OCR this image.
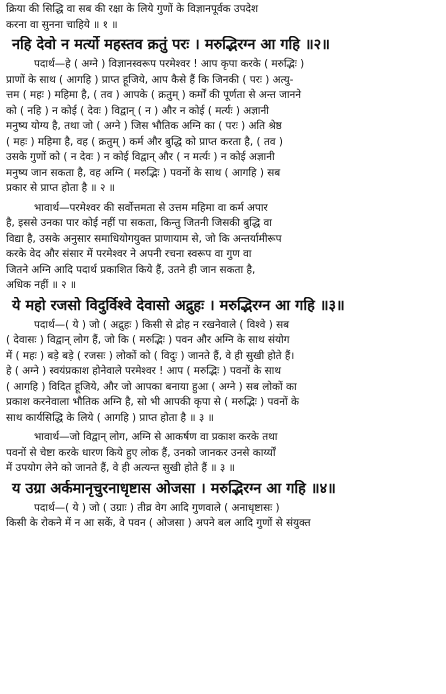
क्रिया की सिद्धि वा सब की रक्षा के लिये गुणों के विज्ञानपूर्वक उपदेश

करना वा सुनना चाहिये ॥ १ ॥

नहि देवो न मर्त्यो महस्तव क्रतुं परः । मरुद्भिरग्न आ गहि ॥२॥

पदार्थ—हे ( अग्ने ) विज्ञानस्वरूप परमेश्वर ! आप कृपा करके ( मरुद्भिः )

प्राणों के साथ ( आगहि ) प्राप्त हूजिये, आप कैसे हैं कि जिनकी ( परः ) अत्यु-

त्तम ( महः ) महिमा है, ( तव ) आपके ( क्रतुम् ) कर्मों की पूर्णता से अन्त जानने

को ( नहि ) न कोई ( देवः ) विद्वान् ( न ) और न कोई ( मर्त्यः ) अज्ञानी

मनुष्य योग्य है, तथा जो ( अग्ने ) जिस भौतिक अग्नि का ( परः ) अति श्रेष्ठ

( महः ) महिमा है, वह ( क्रतुम् ) कर्म और बुद्धि को प्राप्त करता है, ( तव )

उसके गुणों को ( न देवः ) न कोई विद्वान् और ( न मर्त्यः ) न कोई अज्ञानी

मनुष्य जान सकता है, वह अग्नि ( मरुद्भिः ) पवनों के साथ ( आगहि ) सब

प्रकार से प्राप्त होता है ॥ २ ॥

भावार्थ—परमेश्वर की सर्वोत्तमता से उत्तम महिमा वा कर्म अपार

है, इससे उनका पार कोई नहीं पा सकता, किन्तु जितनी जिसकी बुद्धि वा

विद्या है, उसके अनुसार समाधियोगयुक्त प्राणायाम से, जो कि अन्तर्यामीरूप

करके वेद और संसार में परमेश्वर ने अपनी रचना स्वरूप वा गुण वा

जितने अग्नि आदि पदार्थ प्रकाशित किये हैं, उतने ही जान सकता है,

अधिक नहीं ॥ २ ॥

ये महो रजसो विदुर्विश्वे देवासो अद्रुहः । मरुद्भिरग्न आ गहि ॥३॥

पदार्थ—( ये ) जो ( अद्रुहः ) किसी से द्रोह न रखनेवाले ( विश्वे ) सब

( देवासः ) विद्वान् लोग हैं, जो कि ( मरुद्भिः ) पवन और अग्नि के साथ संयोग

में ( महः ) बड़े बड़े ( रजसः ) लोकों को ( विदुः ) जानते हैं, वे ही सुखी होते हैं।

हे ( अग्ने ) स्वयंप्रकाश होनेवाले परमेश्वर ! आप ( मरुद्भिः ) पवनों के साथ

( आगहि ) विदित हूजिये, और जो आपका बनाया हुआ ( अग्ने ) सब लोकों का

प्रकाश करनेवाला भौतिक अग्नि है, सो भी आपकी कृपा से ( मरुद्भिः ) पवनों के

साथ कार्यसिद्धि के लिये ( आगहि ) प्राप्त होता है ॥ ३ ॥

भावार्थ—जो विद्वान् लोग, अग्नि से आकर्षण वा प्रकाश करके तथा

पवनों से चेष्टा करके धारण किये हुए लोक हैं, उनको जानकर उनसे कार्य्यों

में उपयोग लेने को जानते हैं, वे ही अत्यन्त सुखी होते हैं ॥ ३ ॥

य उग्रा अर्कमानृचुरनाधृष्टास ओजसा । मरुद्भिरग्न आ गहि ॥४॥

पदार्थ—( ये ) जो ( उग्राः ) तीव्र वेग आदि गुणवाले ( अनाधृष्टासः )

किसी के रोकने में न आ सकें, वे पवन ( ओजसा ) अपने बल आदि गुणों से संयुक्त
